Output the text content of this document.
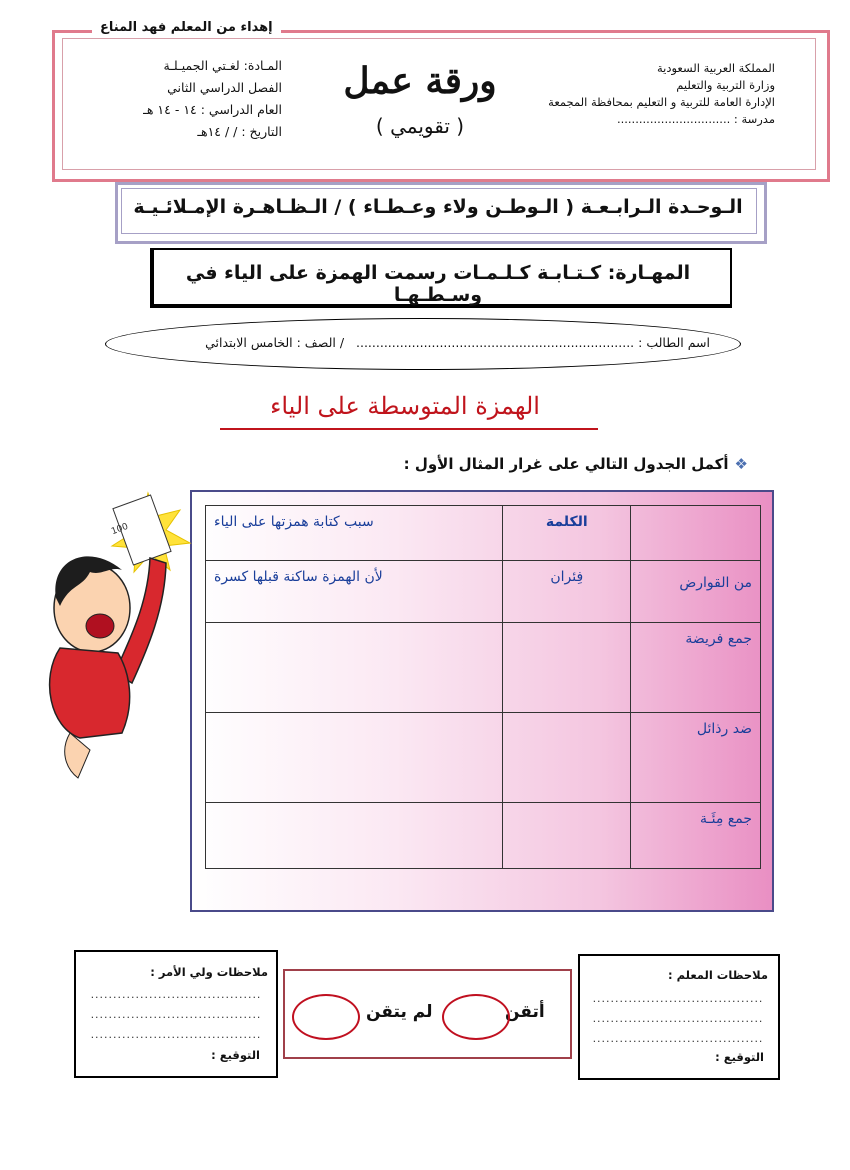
إهداء من المعلم فهد المناع
المملكة العربية السعودية
وزارة التربية والتعليم
الإدارة العامة للتربية و التعليم بمحافظة المجمعة
مدرسة : ...............................
ورقة عمل
( تقويمي )
المـادة: لغـتي الجميـلـة
الفصل الدراسي الثاني
العام الدراسي : ١٤ - ١٤ هـ
التاريخ : / / ١٤هـ
الـوحـدة الـرابـعـة ( الـوطـن ولاء وعـطـاء ) / الـظـاهـرة الإمـلائـيـة
المهـارة: كـتـابـة كـلـمـات رسمت الهمزة على الياء في وسـطـهـا
اسم الطالب : ...................................................................... / الصف : الخامس الابتدائي
الهمزة المتوسطة على الياء
❖أكمل الجدول التالي على غرار المثال الأول :
	الكلمة	سبب كتابة همزتها على الياء
من القوارض	فِئران	لأن الهمزة ساكنة قبلها كسرة
جمع فريضة		
ضد رذائل		
جمع مِئَـة		
100
ملاحظات ولي الأمر :
......................................
......................................
......................................
التوقيع :
أتقن
لم يتقن
ملاحظات المعلم :
......................................
......................................
......................................
التوقيع :
